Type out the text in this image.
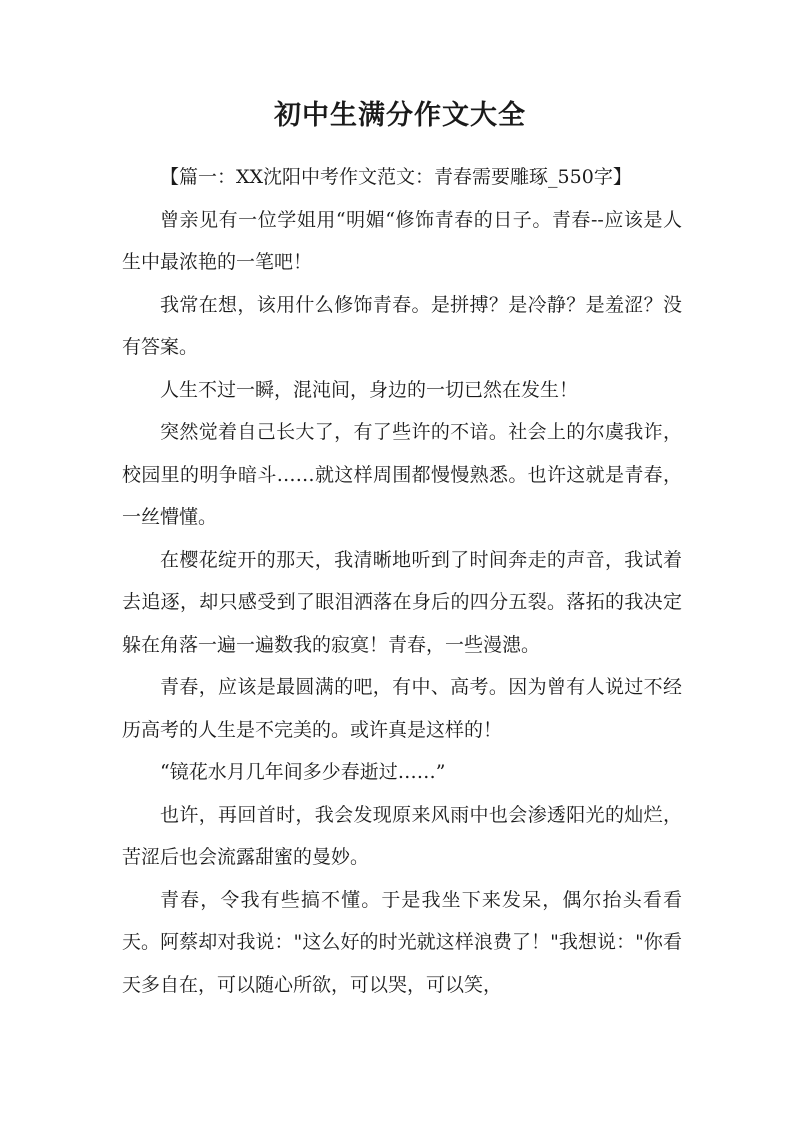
初中生满分作文大全

【篇一：XX沈阳中考作文范文：青春需要雕琢_550字】

曾亲见有一位学姐用“明媚“修饰青春的日子。青春--应该是人生中最浓艳的一笔吧！

我常在想，该用什么修饰青春。是拼搏？是冷静？是羞涩？没有答案。

人生不过一瞬，混沌间，身边的一切已然在发生！

突然觉着自己长大了，有了些许的不谙。社会上的尔虞我诈，校园里的明争暗斗……就这样周围都慢慢熟悉。也许这就是青春，一丝懵懂。

在樱花绽开的那天，我清晰地听到了时间奔走的声音，我试着去追逐，却只感受到了眼泪洒落在身后的四分五裂。落拓的我决定躲在角落一遍一遍数我的寂寞！青春，一些漫漶。

青春，应该是最圆满的吧，有中、高考。因为曾有人说过不经历高考的人生是不完美的。或许真是这样的！

“镜花水月几年间多少春逝过……”

也许，再回首时，我会发现原来风雨中也会渗透阳光的灿烂，苦涩后也会流露甜蜜的曼妙。

青春，令我有些搞不懂。于是我坐下来发呆，偶尔抬头看看天。阿蔡却对我说："这么好的时光就这样浪费了！"我想说："你看天多自在，可以随心所欲，可以哭，可以笑，
